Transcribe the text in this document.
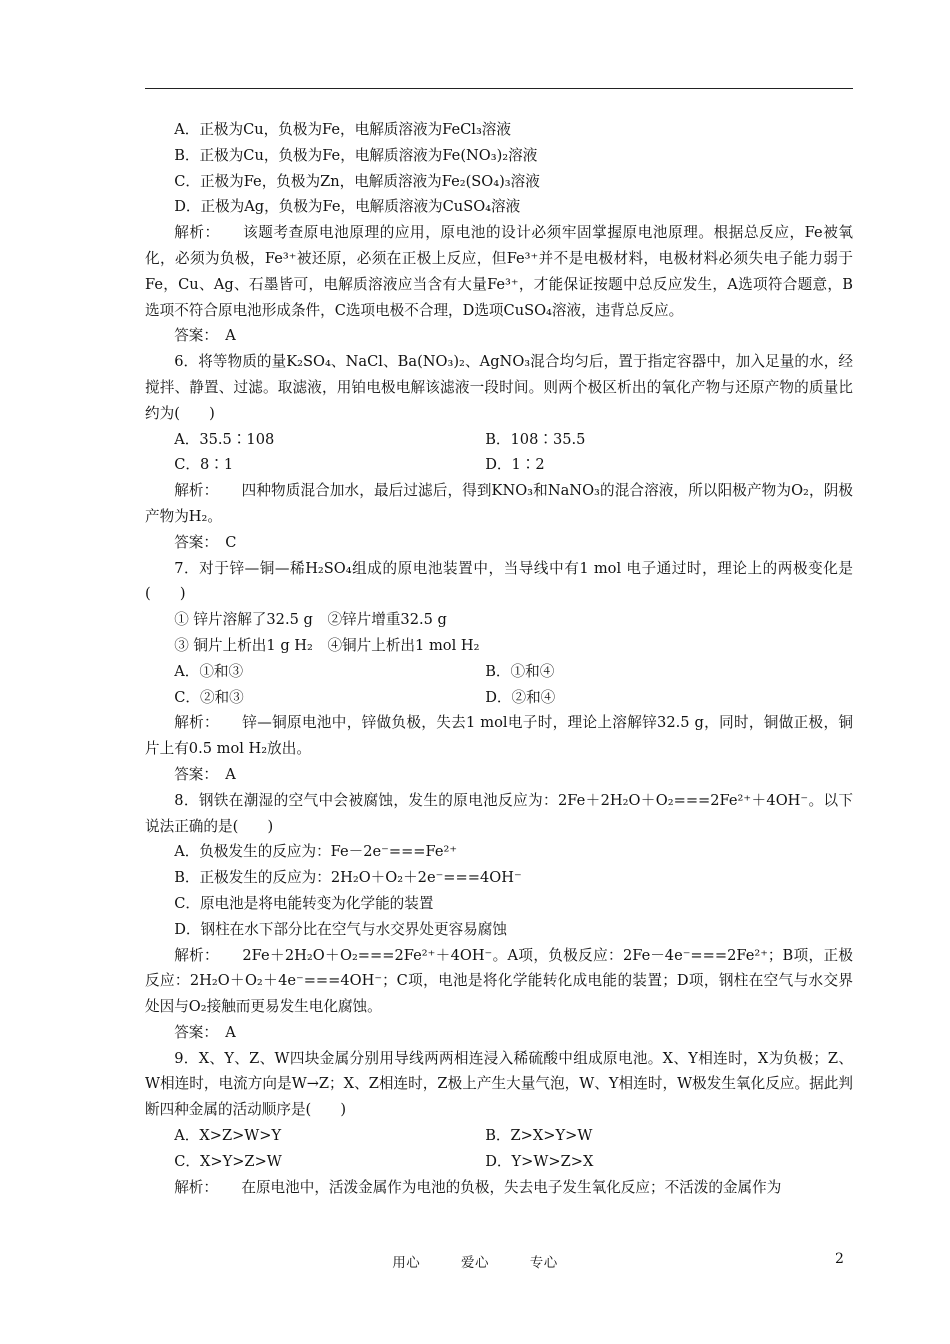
A．正极为Cu，负极为Fe，电解质溶液为FeCl₃溶液

B．正极为Cu，负极为Fe，电解质溶液为Fe(NO₃)₂溶液

C．正极为Fe，负极为Zn，电解质溶液为Fe₂(SO₄)₃溶液

D．正极为Ag，负极为Fe，电解质溶液为CuSO₄溶液

解析： 该题考查原电池原理的应用，原电池的设计必须牢固掌握原电池原理。根据总反应，Fe被氧化，必须为负极，Fe³⁺被还原，必须在正极上反应，但Fe³⁺并不是电极材料，电极材料必须失电子能力弱于Fe，Cu、Ag、石墨皆可，电解质溶液应当含有大量Fe³⁺，才能保证按题中总反应发生，A选项符合题意，B选项不符合原电池形成条件，C选项电极不合理，D选项CuSO₄溶液，违背总反应。

答案：　A

6．将等物质的量K₂SO₄、NaCl、Ba(NO₃)₂、AgNO₃混合均匀后，置于指定容器中，加入足量的水，经搅拌、静置、过滤。取滤液，用铂电极电解该滤液一段时间。则两个极区析出的氧化产物与还原产物的质量比约为(　　)

A．35.5∶108	B．108∶35.5
C．8∶1	D．1∶2

解析： 四种物质混合加水，最后过滤后，得到KNO₃和NaNO₃的混合溶液，所以阳极产物为O₂，阴极产物为H₂。

答案：　C

7．对于锌—铜—稀H₂SO₄组成的原电池装置中，当导线中有1 mol 电子通过时，理论上的两极变化是(　　)

① 锌片溶解了32.5 g　②锌片增重32.5 g

③ 铜片上析出1 g H₂　④铜片上析出1 mol H₂

A．①和③	B．①和④
C．②和③	D．②和④

解析： 锌—铜原电池中，锌做负极，失去1 mol电子时，理论上溶解锌32.5 g，同时，铜做正极，铜片上有0.5 mol H₂放出。

答案：　A

8．钢铁在潮湿的空气中会被腐蚀，发生的原电池反应为：2Fe＋2H₂O＋O₂===2Fe²⁺＋4OH⁻。以下说法正确的是(　　)

A．负极发生的反应为：Fe－2e⁻===Fe²⁺

B．正极发生的反应为：2H₂O＋O₂＋2e⁻===4OH⁻

C．原电池是将电能转变为化学能的装置

D．钢柱在水下部分比在空气与水交界处更容易腐蚀

解析： 2Fe＋2H₂O＋O₂===2Fe²⁺＋4OH⁻。A项，负极反应：2Fe－4e⁻===2Fe²⁺；B项，正极反应：2H₂O＋O₂＋4e⁻===4OH⁻；C项，电池是将化学能转化成电能的装置；D项，钢柱在空气与水交界处因与O₂接触而更易发生电化腐蚀。

答案：　A

9．X、Y、Z、W四块金属分别用导线两两相连浸入稀硫酸中组成原电池。X、Y相连时，X为负极；Z、W相连时，电流方向是W→Z；X、Z相连时，Z极上产生大量气泡，W、Y相连时，W极发生氧化反应。据此判断四种金属的活动顺序是(　　)

A．X>Z>W>Y	B．Z>X>Y>W
C．X>Y>Z>W	D．Y>W>Z>X

解析： 在原电池中，活泼金属作为电池的负极，失去电子发生氧化反应；不活泼的金属作为

用心	爱心	专心	2
